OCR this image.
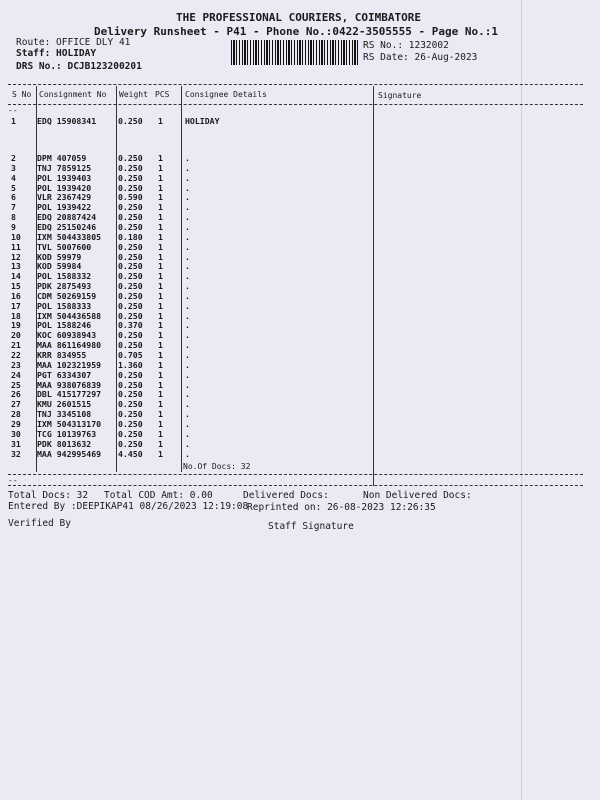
THE PROFESSIONAL COURIERS, COIMBATORE
Delivery Runsheet - P41 - Phone No.:0422-3505555 - Page No.:1
Route: OFFICE DLY 41
Staff: HOLIDAY
DRS No.: DCJB123200201
RS No.: 1232002
RS Date: 26-Aug-2023
--
--
S No Consignment No Weight PCS Consignee Details	Signature
1	EDQ 15908341	0.250 1	HOLIDAY
2	DPM 407059	0.250 1	.
3	TNJ 7859125	0.250 1	.
4	POL 1939403	0.250 1	.
5	POL 1939420	0.250 1	.
6	VLR 2367429	0.590 1	.
7	POL 1939422	0.250 1	.
8	EDQ 20887424	0.250 1	.
9	EDQ 25150246	0.250 1	.
10 IXM 504433805 0.180 1	.
11 TVL 5007600	0.250 1	.
12 KOD 59979	0.250 1	.
13 KOD 59984	0.250 1	.
14 POL 1588332	0.250 1	.
15 PDK 2875493	0.250 1	.
16 CDM 50269159	0.250 1	.
17 POL 1588333	0.250 1	.
18 IXM 504436588 0.250 1	.
19 POL 1588246	0.370 1	.
20 KOC 60938943	0.250 1	.
21 MAA 861164980 0.250 1	.
22 KRR 834955	0.705 1	.
23 MAA 102321959 1.360 1	.
24 PGT 6334307	0.250 1	.
25 MAA 938076839 0.250 1	.
26 DBL 415177297 0.250 1	.
27 KMU 2601515	0.250 1	.
28 TNJ 3345108	0.250 1	.
29 IXM 504313170 0.250 1	.
30 TCG 10139763	0.250 1	.
31 PDK 8013632	0.250 1	.
32 MAA 942995469 4.450 1	.
No.Of Docs: 32
Total Docs: 32 Total COD Amt: 0.00	Delivered Docs:	Non Delivered Docs:
Entered By :DEEPIKAP41 08/26/2023 12:19:08
Reprinted on: 26-08-2023 12:26:35
Verified By	Staff Signature
